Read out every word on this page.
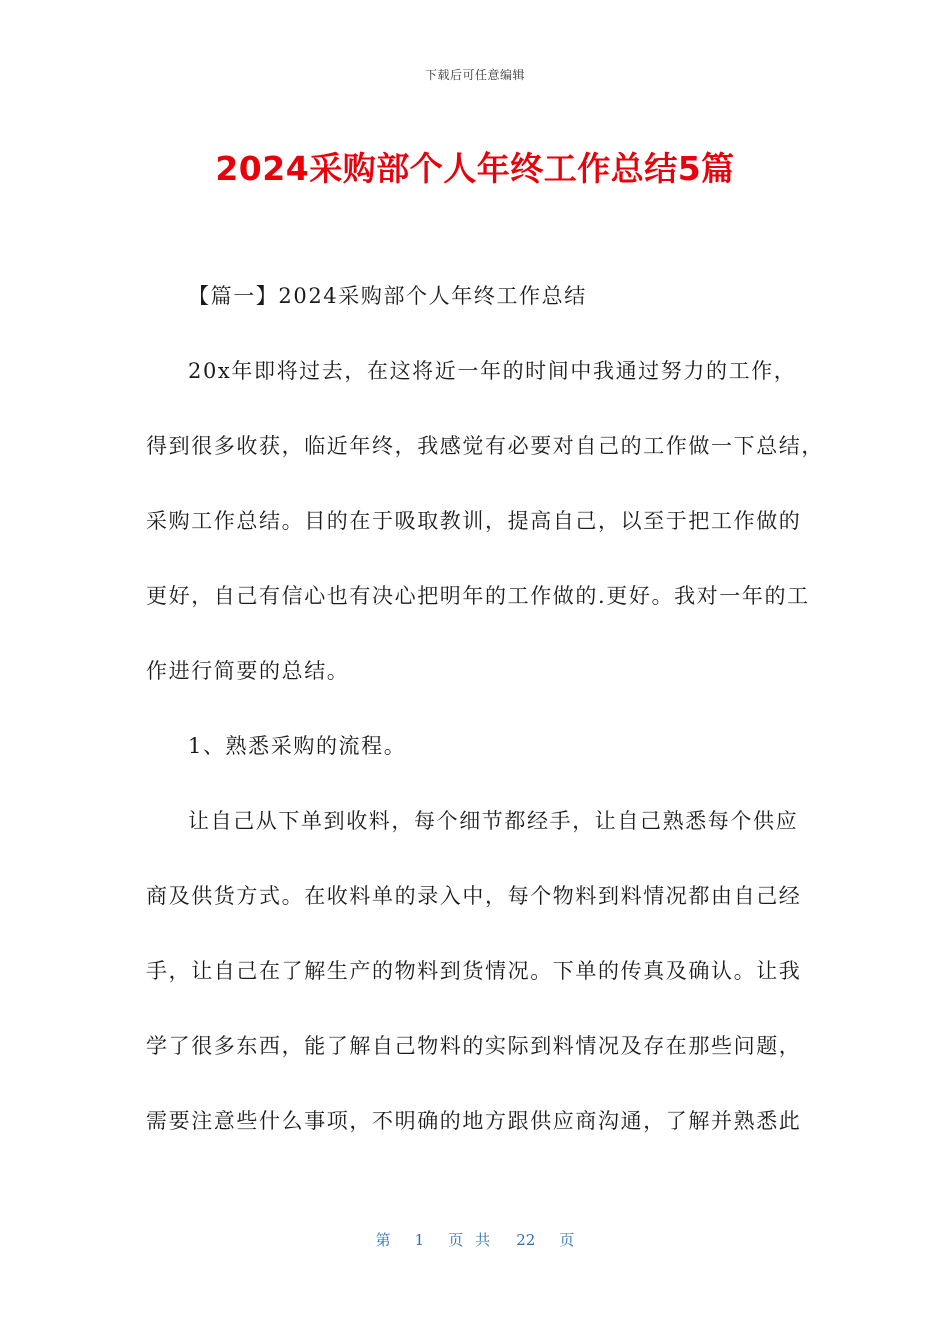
下载后可任意编辑
2024采购部个人年终工作总结5篇
【篇一】2024采购部个人年终工作总结
20x年即将过去，在这将近一年的时间中我通过努力的工作，
得到很多收获，临近年终，我感觉有必要对自己的工作做一下总结，
采购工作总结。目的在于吸取教训，提高自己，以至于把工作做的
更好，自己有信心也有决心把明年的工作做的.更好。我对一年的工
作进行简要的总结。
1、熟悉采购的流程。
让自己从下单到收料，每个细节都经手，让自己熟悉每个供应
商及供货方式。在收料单的录入中，每个物料到料情况都由自己经
手，让自己在了解生产的物料到货情况。下单的传真及确认。让我
学了很多东西，能了解自己物料的实际到料情况及存在那些问题，
需要注意些什么事项，不明确的地方跟供应商沟通，了解并熟悉此
第 1 页共 22 页
